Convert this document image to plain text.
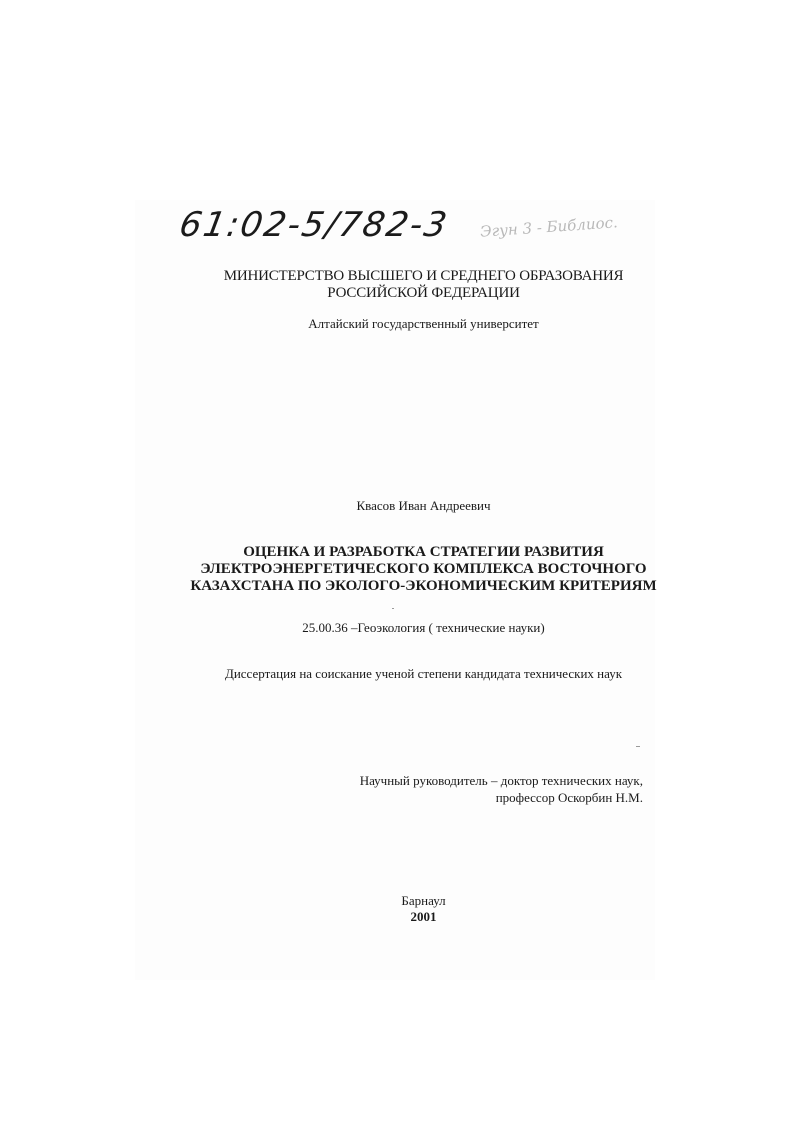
61:02-5/782-3 Эгун 3 - Библиос.
МИНИСТЕРСТВО ВЫСШЕГО И СРЕДНЕГО ОБРАЗОВАНИЯ
РОССИЙСКОЙ ФЕДЕРАЦИИ
Алтайский государственный университет
Квасов Иван Андреевич
ОЦЕНКА И РАЗРАБОТКА СТРАТЕГИИ РАЗВИТИЯ
ЭЛЕКТРОЭНЕРГЕТИЧЕСКОГО КОМПЛЕКСА ВОСТОЧНОГО
КАЗАХСТАНА ПО ЭКОЛОГО-ЭКОНОМИЧЕСКИМ КРИТЕРИЯМ
25.00.36 –Геоэкология ( технические науки)
Диссертация на соискание ученой степени кандидата технических наук
Научный руководитель – доктор технических наук,
профессор Оскорбин Н.М.
Барнаул
2001
